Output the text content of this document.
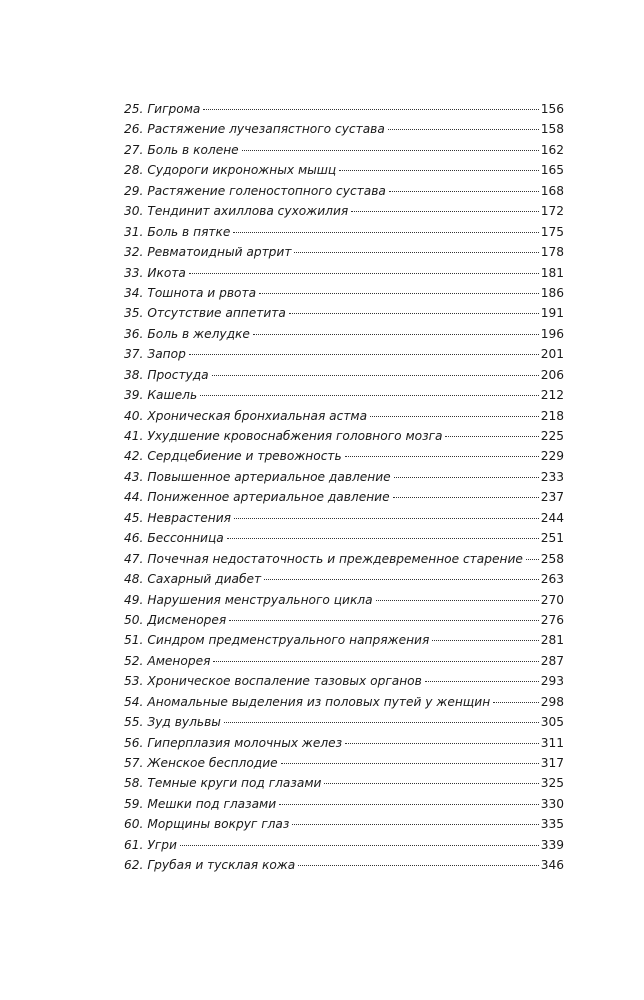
25. Гигрома	156
26. Растяжение лучезапястного сустава	158
27. Боль в колене	162
28. Судороги икроножных мышц	165
29. Растяжение голеностопного сустава	168
30. Тендинит ахиллова сухожилия	172
31. Боль в пятке	175
32. Ревматоидный артрит	178
33. Икота	181
34. Тошнота и рвота	186
35. Отсутствие аппетита	191
36. Боль в желудке	196
37. Запор	201
38. Простуда	206
39. Кашель	212
40. Хроническая бронхиальная астма	218
41. Ухудшение кровоснабжения головного мозга	225
42. Сердцебиение и тревожность	229
43. Повышенное артериальное давление	233
44. Пониженное артериальное давление	237
45. Неврастения	244
46. Бессонница	251
47. Почечная недостаточность и преждевременное старение 258
48. Сахарный диабет	263
49. Нарушения менструального цикла	270
50. Дисменорея	276
51. Синдром предменструального напряжения	281
52. Аменорея	287
53. Хроническое воспаление тазовых органов	293
54. Аномальные выделения из половых путей у женщин	298
55. Зуд вульвы	305
56. Гиперплазия молочных желез	311
57. Женское бесплодие	317
58. Темные круги под глазами	325
59. Мешки под глазами	330
60. Морщины вокруг глаз	335
61. Угри	339
62. Грубая и тусклая кожа	346
